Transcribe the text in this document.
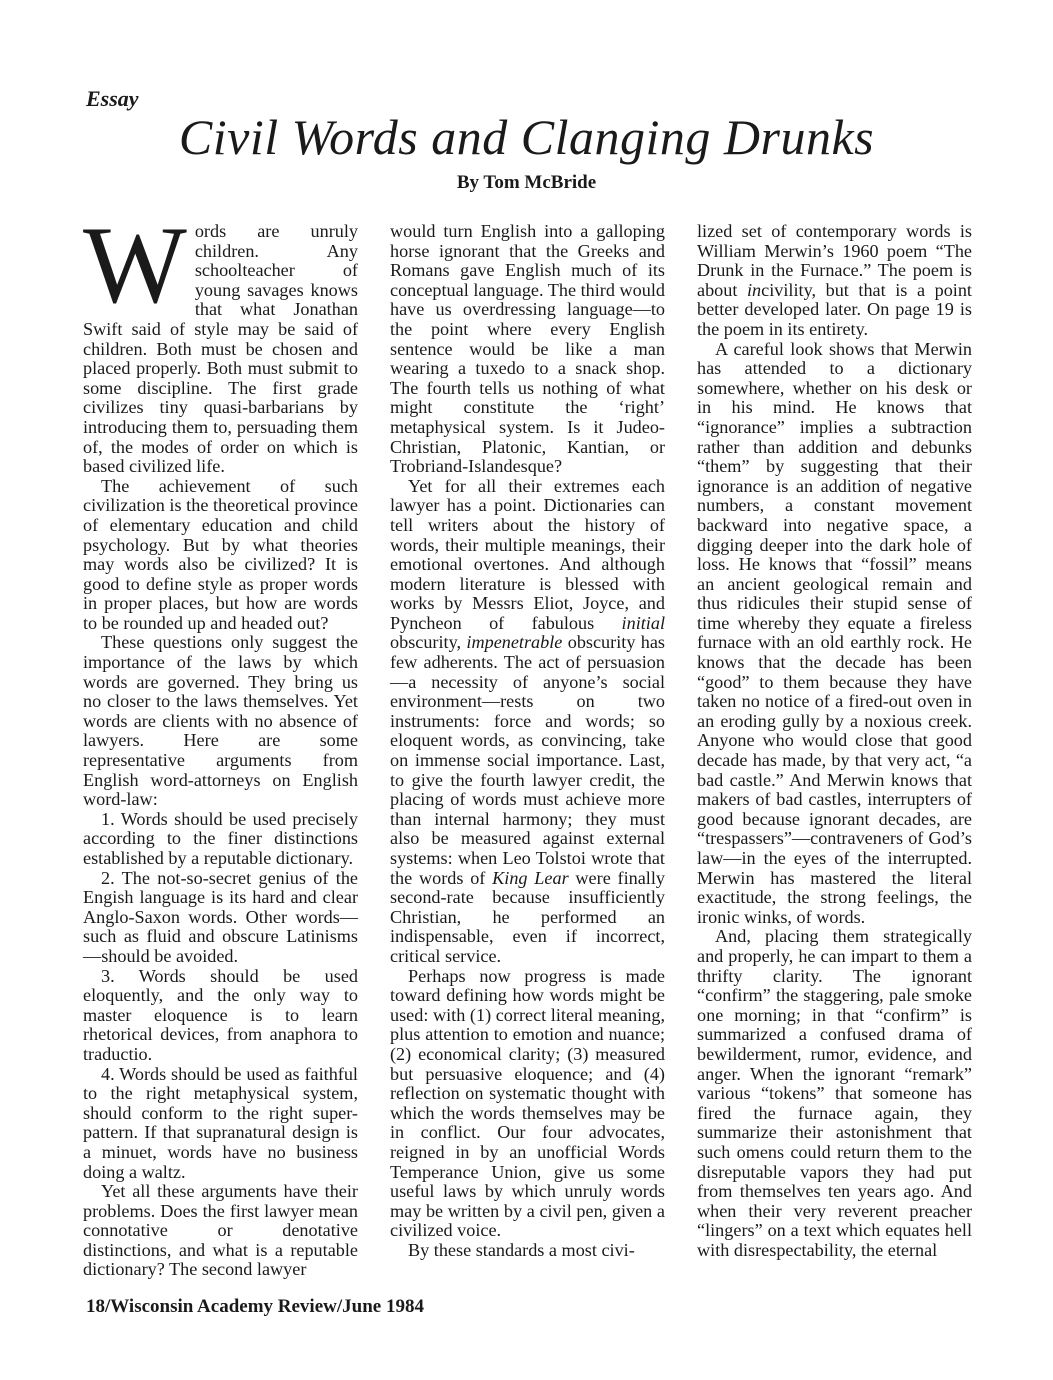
Essay
Civil Words and Clanging Drunks
By Tom McBride

Words are unruly children. Any schoolteacher of young savages knows that what Jonathan Swift said of style may be said of children. Both must be chosen and placed properly. Both must submit to some discipline. The first grade civilizes tiny quasi-barbarians by introducing them to, persuading them of, the modes of order on which is based civilized life.

The achievement of such civilization is the theoretical province of elementary education and child psychology. But by what theories may words also be civilized? It is good to define style as proper words in proper places, but how are words to be rounded up and headed out?

These questions only suggest the importance of the laws by which words are governed. They bring us no closer to the laws themselves. Yet words are clients with no absence of lawyers. Here are some representative arguments from English word-attorneys on English word-law:

1. Words should be used precisely according to the finer distinctions established by a reputable dictionary.

2. The not-so-secret genius of the Engish language is its hard and clear Anglo-Saxon words. Other words—such as fluid and obscure Latinisms—should be avoided.

3. Words should be used eloquently, and the only way to master eloquence is to learn rhetorical devices, from anaphora to traductio.

4. Words should be used as faithful to the right metaphysical system, should conform to the right super-pattern. If that supranatural design is a minuet, words have no business doing a waltz.

Yet all these arguments have their problems. Does the first lawyer mean connotative or denotative distinctions, and what is a reputable dictionary? The second lawyer

would turn English into a galloping horse ignorant that the Greeks and Romans gave English much of its conceptual language. The third would have us overdressing language—to the point where every English sentence would be like a man wearing a tuxedo to a snack shop. The fourth tells us nothing of what might constitute the ‘right’ metaphysical system. Is it Judeo-Christian, Platonic, Kantian, or Trobriand-Islandesque?

Yet for all their extremes each lawyer has a point. Dictionaries can tell writers about the history of words, their multiple meanings, their emotional overtones. And although modern literature is blessed with works by Messrs Eliot, Joyce, and Pyncheon of fabulous initial obscurity, impenetrable obscurity has few adherents. The act of persuasion—a necessity of anyone’s social environment—rests on two instruments: force and words; so eloquent words, as convincing, take on immense social importance. Last, to give the fourth lawyer credit, the placing of words must achieve more than internal harmony; they must also be measured against external systems: when Leo Tolstoi wrote that the words of King Lear were finally second-rate because insufficiently Christian, he performed an indispensable, even if incorrect, critical service.

Perhaps now progress is made toward defining how words might be used: with (1) correct literal meaning, plus attention to emotion and nuance; (2) economical clarity; (3) measured but persuasive eloquence; and (4) reflection on systematic thought with which the words themselves may be in conflict. Our four advocates, reigned in by an unofficial Words Temperance Union, give us some useful laws by which unruly words may be written by a civil pen, given a civilized voice.

By these standards a most civi-

lized set of contemporary words is William Merwin’s 1960 poem “The Drunk in the Furnace.” The poem is about incivility, but that is a point better developed later. On page 19 is the poem in its entirety.

A careful look shows that Merwin has attended to a dictionary somewhere, whether on his desk or in his mind. He knows that “ignorance” implies a subtraction rather than addition and debunks “them” by suggesting that their ignorance is an addition of negative numbers, a constant movement backward into negative space, a digging deeper into the dark hole of loss. He knows that “fossil” means an ancient geological remain and thus ridicules their stupid sense of time whereby they equate a fireless furnace with an old earthly rock. He knows that the decade has been “good” to them because they have taken no notice of a fired-out oven in an eroding gully by a noxious creek. Anyone who would close that good decade has made, by that very act, “a bad castle.” And Merwin knows that makers of bad castles, interrupters of good because ignorant decades, are “trespassers”—contraveners of God’s law—in the eyes of the interrupted. Merwin has mastered the literal exactitude, the strong feelings, the ironic winks, of words.

And, placing them strategically and properly, he can impart to them a thrifty clarity. The ignorant “confirm” the staggering, pale smoke one morning; in that “confirm” is summarized a confused drama of bewilderment, rumor, evidence, and anger. When the ignorant “remark” various “tokens” that someone has fired the furnace again, they summarize their astonishment that such omens could return them to the disreputable vapors they had put from themselves ten years ago. And when their very reverent preacher “lingers” on a text which equates hell with disrespectability, the eternal

18/Wisconsin Academy Review/June 1984
